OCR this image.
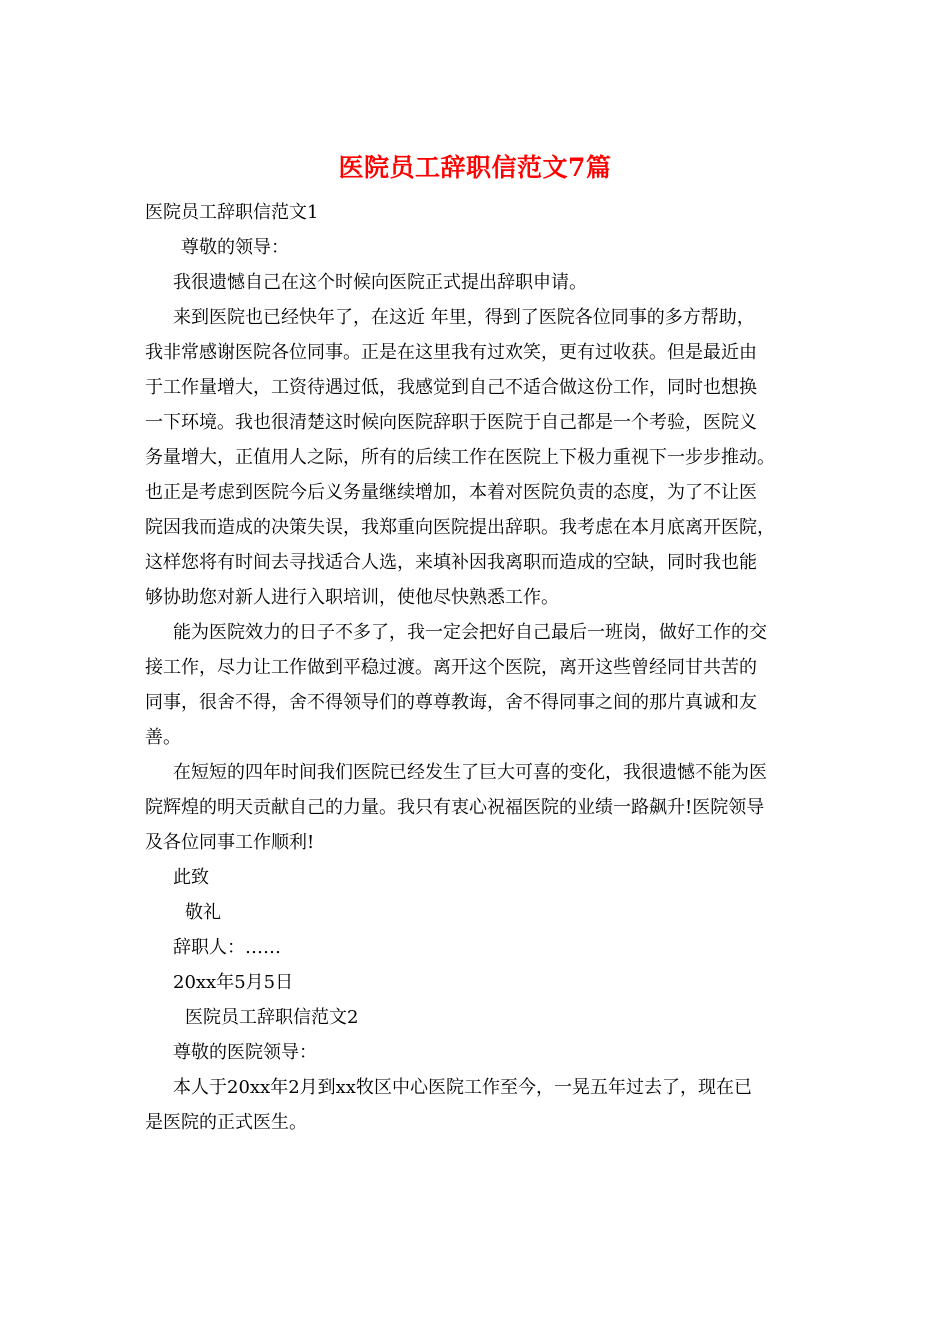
医院员工辞职信范文7篇
医院员工辞职信范文1
尊敬的领导：
我很遗憾自己在这个时候向医院正式提出辞职申请。
来到医院也已经快年了，在这近 年里，得到了医院各位同事的多方帮助，
我非常感谢医院各位同事。正是在这里我有过欢笑，更有过收获。但是最近由
于工作量增大，工资待遇过低，我感觉到自己不适合做这份工作，同时也想换
一下环境。我也很清楚这时候向医院辞职于医院于自己都是一个考验，医院义
务量增大，正值用人之际，所有的后续工作在医院上下极力重视下一步步推动。
也正是考虑到医院今后义务量继续增加，本着对医院负责的态度，为了不让医
院因我而造成的决策失误，我郑重向医院提出辞职。我考虑在本月底离开医院，
这样您将有时间去寻找适合人选，来填补因我离职而造成的空缺，同时我也能
够协助您对新人进行入职培训，使他尽快熟悉工作。
能为医院效力的日子不多了，我一定会把好自己最后一班岗，做好工作的交
接工作，尽力让工作做到平稳过渡。离开这个医院，离开这些曾经同甘共苦的
同事，很舍不得，舍不得领导们的尊尊教诲，舍不得同事之间的那片真诚和友
善。
在短短的四年时间我们医院已经发生了巨大可喜的变化，我很遗憾不能为医
院辉煌的明天贡献自己的力量。我只有衷心祝福医院的业绩一路飙升!医院领导
及各位同事工作顺利!
此致
敬礼
辞职人：……
20xx年5月5日
医院员工辞职信范文2
尊敬的医院领导：
本人于20xx年2月到xx牧区中心医院工作至今，一晃五年过去了，现在已
是医院的正式医生。
